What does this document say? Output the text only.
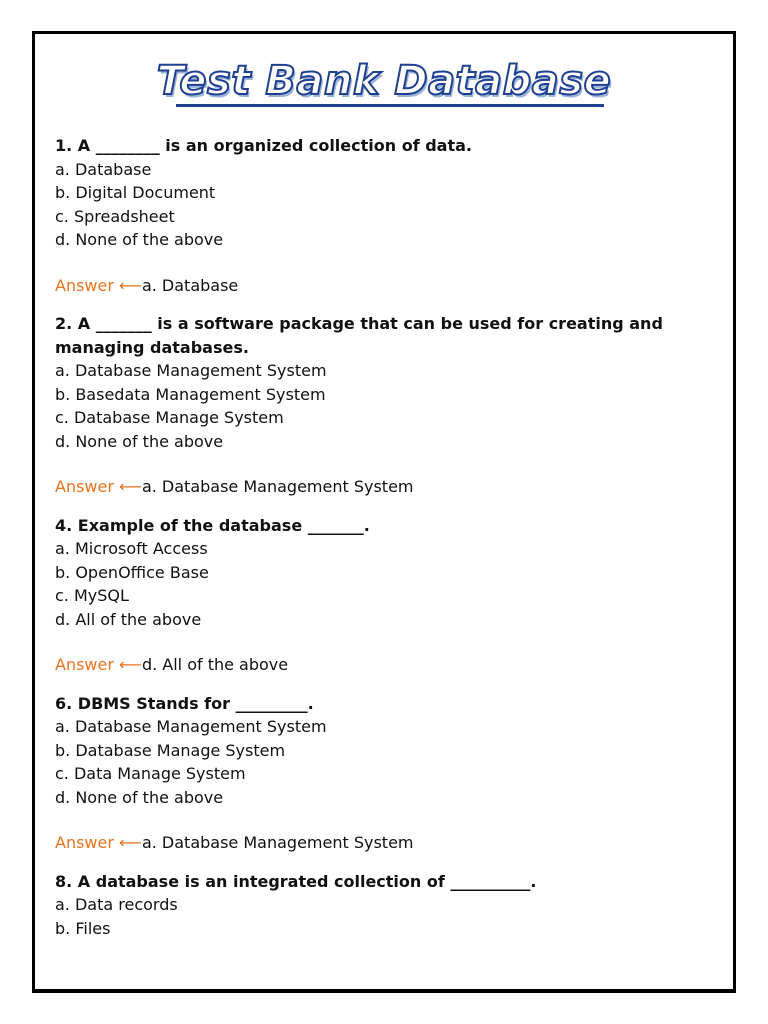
Test Bank Database

1. A ________ is an organized collection of data.

a. Database

b. Digital Document

c. Spreadsheet

d. None of the above

Answer ⟵a. Database

2. A _______ is a software package that can be used for creating and managing databases.

a. Database Management System

b. Basedata Management System

c. Database Manage System

d. None of the above

Answer ⟵a. Database Management System

4. Example of the database _______.

a. Microsoft Access

b. OpenOffice Base

c. MySQL

d. All of the above

Answer ⟵d. All of the above

6. DBMS Stands for _________.

a. Database Management System

b. Database Manage System

c. Data Manage System

d. None of the above

Answer ⟵a. Database Management System

8. A database is an integrated collection of __________.

a. Data records

b. Files
